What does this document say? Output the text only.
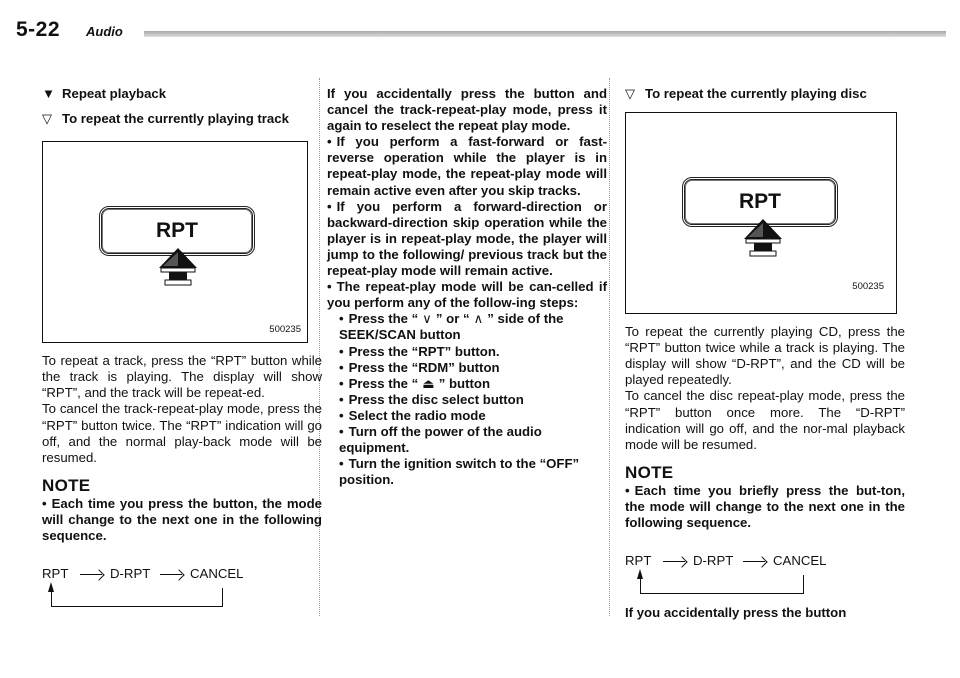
5-22 Audio
▼ Repeat playback
▽ To repeat the currently playing track
RPT
500235

To repeat a track, press the “RPT” button while the track is playing. The display will show “RPT”, and the track will be repeat-ed.

To cancel the track-repeat-play mode, press the “RPT” button twice. The “RPT” indication will go off, and the normal play-back mode will be resumed.

NOTE

• Each time you press the button, the mode will change to the next one in the following sequence.

RPT	D-RPT	CANCEL

If you accidentally press the button and cancel the track-repeat-play mode, press it again to reselect the repeat play mode.

• If you perform a fast-forward or fast-reverse operation while the player is in repeat-play mode, the repeat-play mode will remain active even after you skip tracks.

• If you perform a forward-direction or backward-direction skip operation while the player is in repeat-play mode, the player will jump to the following/ previous track but the repeat-play mode will remain active.

• The repeat-play mode will be can-celled if you perform any of the follow-ing steps:

• Press the “ ∨ ” or “ ∧ ” side of the SEEK/SCAN button

• Press the “RPT” button.

• Press the “RDM” button

• Press the “ ⏏ ” button

• Press the disc select button

• Select the radio mode

• Turn off the power of the audio equipment.

• Turn the ignition switch to the “OFF” position.

▽ To repeat the currently playing disc
RPT
500235

To repeat the currently playing CD, press the “RPT” button twice while a track is playing. The display will show “D-RPT”, and the CD will be played repeatedly.

To cancel the disc repeat-play mode, press the “RPT” button once more. The “D-RPT” indication will go off, and the nor-mal playback mode will be resumed.

NOTE

• Each time you briefly press the but-ton, the mode will change to the next one in the following sequence.

RPT	D-RPT	CANCEL

If you accidentally press the button
